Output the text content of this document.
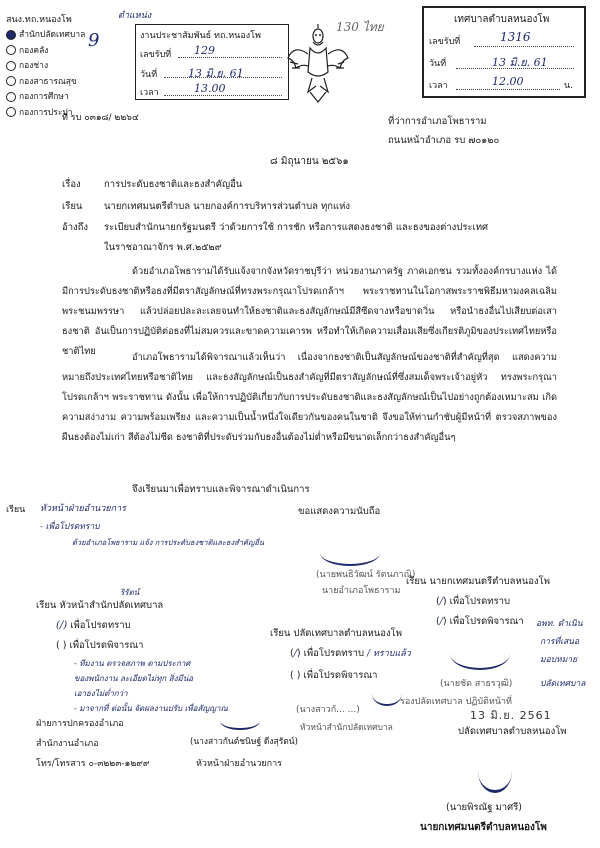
สนง.ทถ.หนองโพ	ตำแหน่ง
สำนักปลัดเทศบาล
กองคลัง
กองช่าง
กองสาธารณสุข
กองการศึกษา
กองการประปา
9
ที่ รบ ๐๓๑๘/ ๒๒๖๔
งานประชาสัมพันธ์ ทถ.หนองโพ
เลขรับที่ 129
วันที่	13 มิ.ย. 61
เวลา	13.00
130 ไทย
เทศบาลตำบลหนองโพ
เลขรับที่	1316
วันที่	13 มิ.ย. 61
เวลา	12.00	น.
ที่ว่าการอำเภอโพธาราม
ถนนหน้าอำเภอ รบ ๗๐๑๒๐
๘ มิถุนายน ๒๕๖๑
เรื่อง การประดับธงชาติและธงสำคัญอื่น
เรียน นายกเทศมนตรีตำบล นายกองค์การบริหารส่วนตำบล ทุกแห่ง
อ้างถึง ระเบียบสำนักนายกรัฐมนตรี ว่าด้วยการใช้ การชัก หรือการแสดงธงชาติ และธงของต่างประเทศ
ในราชอาณาจักร พ.ศ.๒๕๒๙
ด้วยอำเภอโพธารามได้รับแจ้งจากจังหวัดราชบุรีว่า หน่วยงานภาครัฐ ภาคเอกชน รวมทั้งองค์กรบางแห่ง ได้มีการประดับธงชาติหรือธงที่มีตราสัญลักษณ์ที่ทรงพระกรุณาโปรดเกล้าฯ พระราชทานในโอกาสพระราชพิธีมหามงคลเฉลิมพระชนมพรรษา แล้วปล่อยปละละเลยจนทำให้ธงชาติและธงสัญลักษณ์มีสีซีดจางหรือขาดวิ่น หรือนำธงอื่นไปเสียบต่อเสาธงชาติ อันเป็นการปฏิบัติต่อธงที่ไม่สมควรและขาดความเคารพ หรือทำให้เกิดความเสื่อมเสียซึ่งเกียรติภูมิของประเทศไทยหรือชาติไทย
อำเภอโพธารามได้พิจารณาแล้วเห็นว่า เนื่องจากธงชาติเป็นสัญลักษณ์ของชาติที่สำคัญที่สุด แสดงความหมายถึงประเทศไทยหรือชาติไทย และธงสัญลักษณ์เป็นธงสำคัญที่มีตราสัญลักษณ์ที่ซึ่งสมเด็จพระเจ้าอยู่หัว ทรงพระกรุณาโปรดเกล้าฯ พระราชทาน ดังนั้น เพื่อให้การปฏิบัติเกี่ยวกับการประดับธงชาติและธงสัญลักษณ์เป็นไปอย่างถูกต้องเหมาะสม เกิดความสง่างาม ความพร้อมเพรียง และความเป็นน้ำหนึ่งใจเดียวกันของคนในชาติ จึงขอให้ท่านกำชับผู้มีหน้าที่ ตรวจสภาพของผืนธงต้องไม่เก่า สีต้องไม่ซีด ธงชาติที่ประดับร่วมกับธงอื่นต้องไม่ต่ำหรือมีขนาดเล็กกว่าธงสำคัญอื่นๆ
จึงเรียนมาเพื่อทราบและพิจารณาดำเนินการ
เรียน หัวหน้าฝ่ายอำนวยการ
- เพื่อโปรดทราบ
ด้วยอำเภอโพธาราม แจ้ง การประดับธงชาติและธงสำคัญอื่น
ขอแสดงความนับถือ
(นายพนธิวัฒน์ รัตนภาณิ)
นายอำเภอโพธาราม
ริรัตน์
เรียน หัวหน้าสำนักปลัดเทศบาล
(/) เพื่อโปรดทราบ
( ) เพื่อโปรดพิจารณา
- ทีมงาน ตรวจสภาพ ตามประกาศ
ของพนักงาน ละเอียดไม่ทุก สิ่งมีน่อ
เอาธงไม่ต่ำกว่า
- มาจากที่ ต่อนั้น จัดผลงานปรับ เพื่อสัญญาณ
ฝ่ายการปกครองอำเภอ
สำนักงานอำเภอ
โทร/โทรสาร ๐-๓๒๒๓-๑๒๙๙
(นางสาวกันต์ชนิษฐ์ ดีงสุรัตน์)
หัวหน้าฝ่ายอำนวยการ
เรียน ปลัดเทศบาลตำบลหนองโพ
(/) เพื่อโปรดทราบ / ทราบแล้ว
( ) เพื่อโปรดพิจารณา
(นางสาวกั... ...)
หัวหน้าสำนักปลัดเทศบาล
เรียน นายกเทศมนตรีตำบลหนองโพ
(/) เพื่อโปรดทราบ
(/) เพื่อโปรดพิจารณา อพท. ดำเนิน
การที่เสนอ
มอบหมาย
(นายชัด สาธรวุฒิ)
รองปลัดเทศบาล ปฏิบัติหน้าที่
ปลัดเทศบาล
13 มิ.ย. 2561
ปลัดเทศบาลตำบลหนองโพ
(นายพิรณัฐ มาศรี)
นายกเทศมนตรีตำบลหนองโพ
